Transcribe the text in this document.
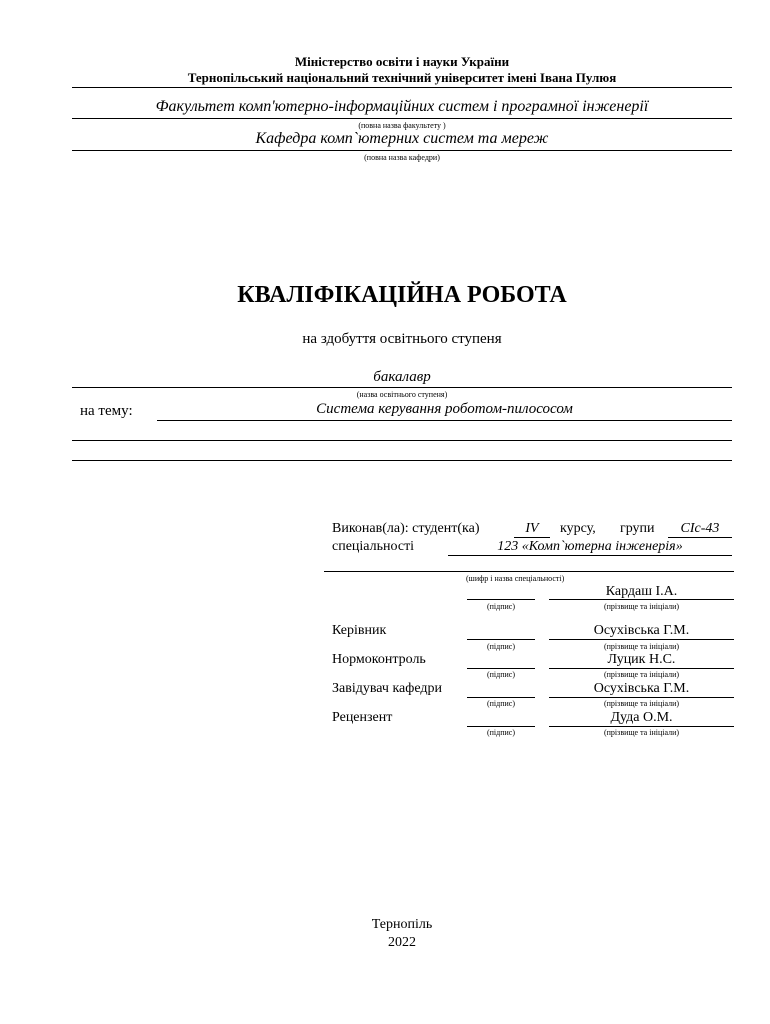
Міністерство освіти і науки України
Тернопільський національний технічний університет імені Івана Пулюя
Факультет комп'ютерно-інформаційних систем і програмної інженерії
(повна назва факультету )
Кафедра комп`ютерних систем та мереж
(повна назва кафедри)
КВАЛІФІКАЦІЙНА РОБОТА
на здобуття освітнього ступеня
бакалавр
(назва освітнього ступеня)
на тему:	Система керування роботом-пилососом
Виконав(ла): студент(ка)	IV	курсу, групи	СІс-43
спеціальності	123 «Комп`ютерна інженерія»
(шифр і назва спеціальності)
Кардаш І.А.
(підпис)	(прізвище та ініціали)
Керівник	Осухівська Г.М.
(підпис)	(прізвище та ініціали)
Нормоконтроль	Луцик Н.С.
(підпис)	(прізвище та ініціали)
Завідувач кафедри	Осухівська Г.М.
(підпис)	(прізвище та ініціали)
Рецензент	Дуда О.М.
(підпис)	(прізвище та ініціали)
Тернопіль
2022
